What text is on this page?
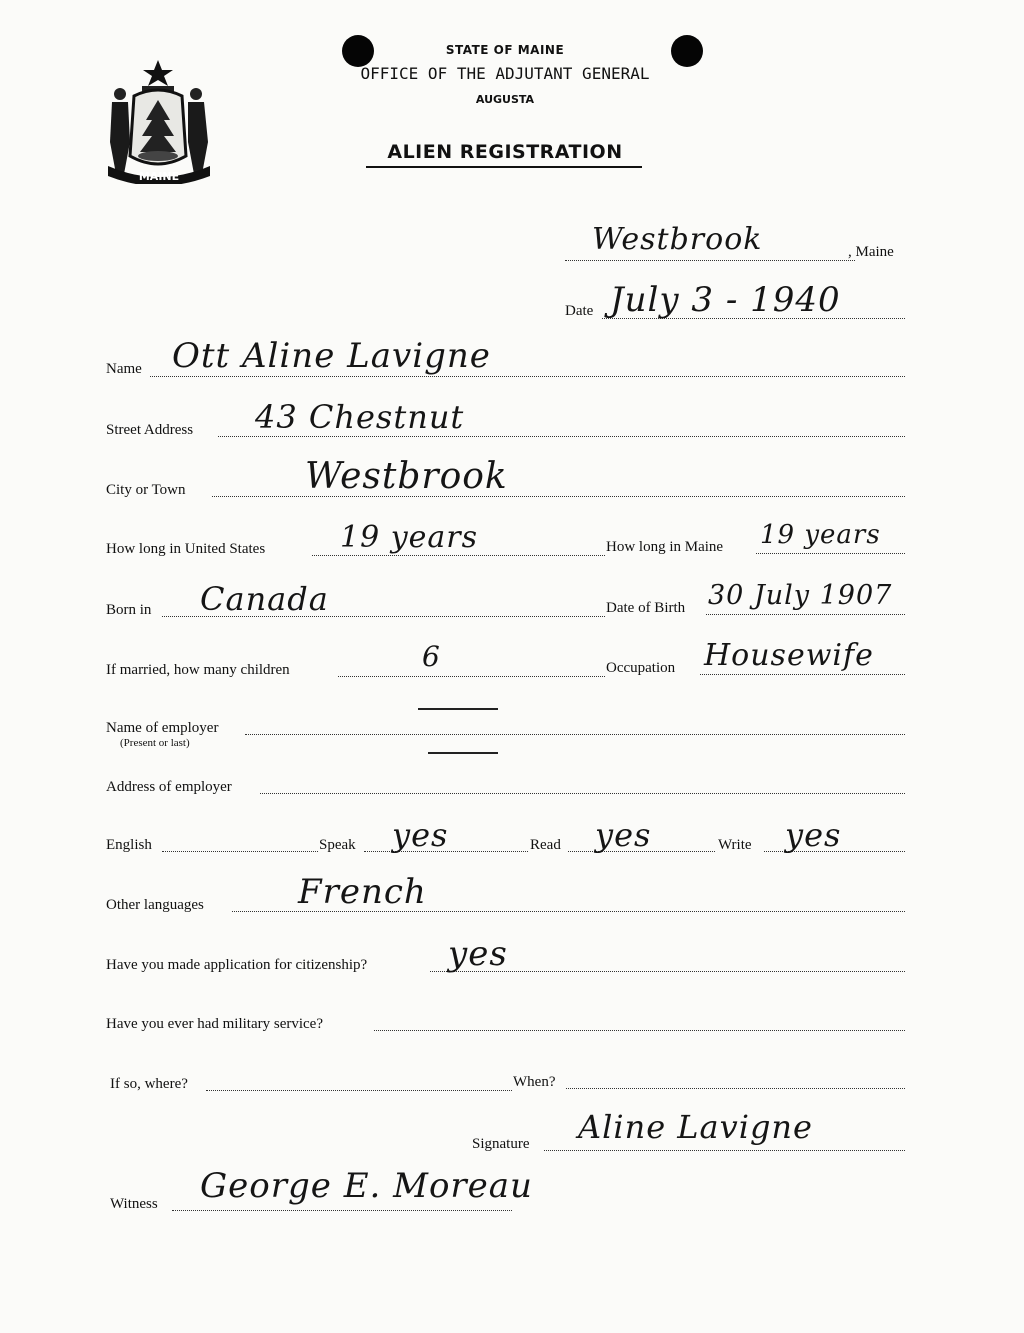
MAINE
STATE OF MAINE
OFFICE OF THE ADJUTANT GENERAL
AUGUSTA
ALIEN REGISTRATION
Westbrook	, Maine
Date July 3 - 1940
Name Ott Aline Lavigne
Street Address 43 Chestnut
City or Town	Westbrook
How long in United States 19 years	How long in Maine 19 years
Born in Canada	Date of Birth 30 July 1907
If married, how many children	6	Occupation Housewife
Name of employer
(Present or last)
Address of employer
English	Speak yes	Read yes	Write yes
Other languages	French
Have you made application for citizenship? yes
Have you ever had military service?
If so, where?	When?
Signature Aline Lavigne
Witness George E. Moreau
